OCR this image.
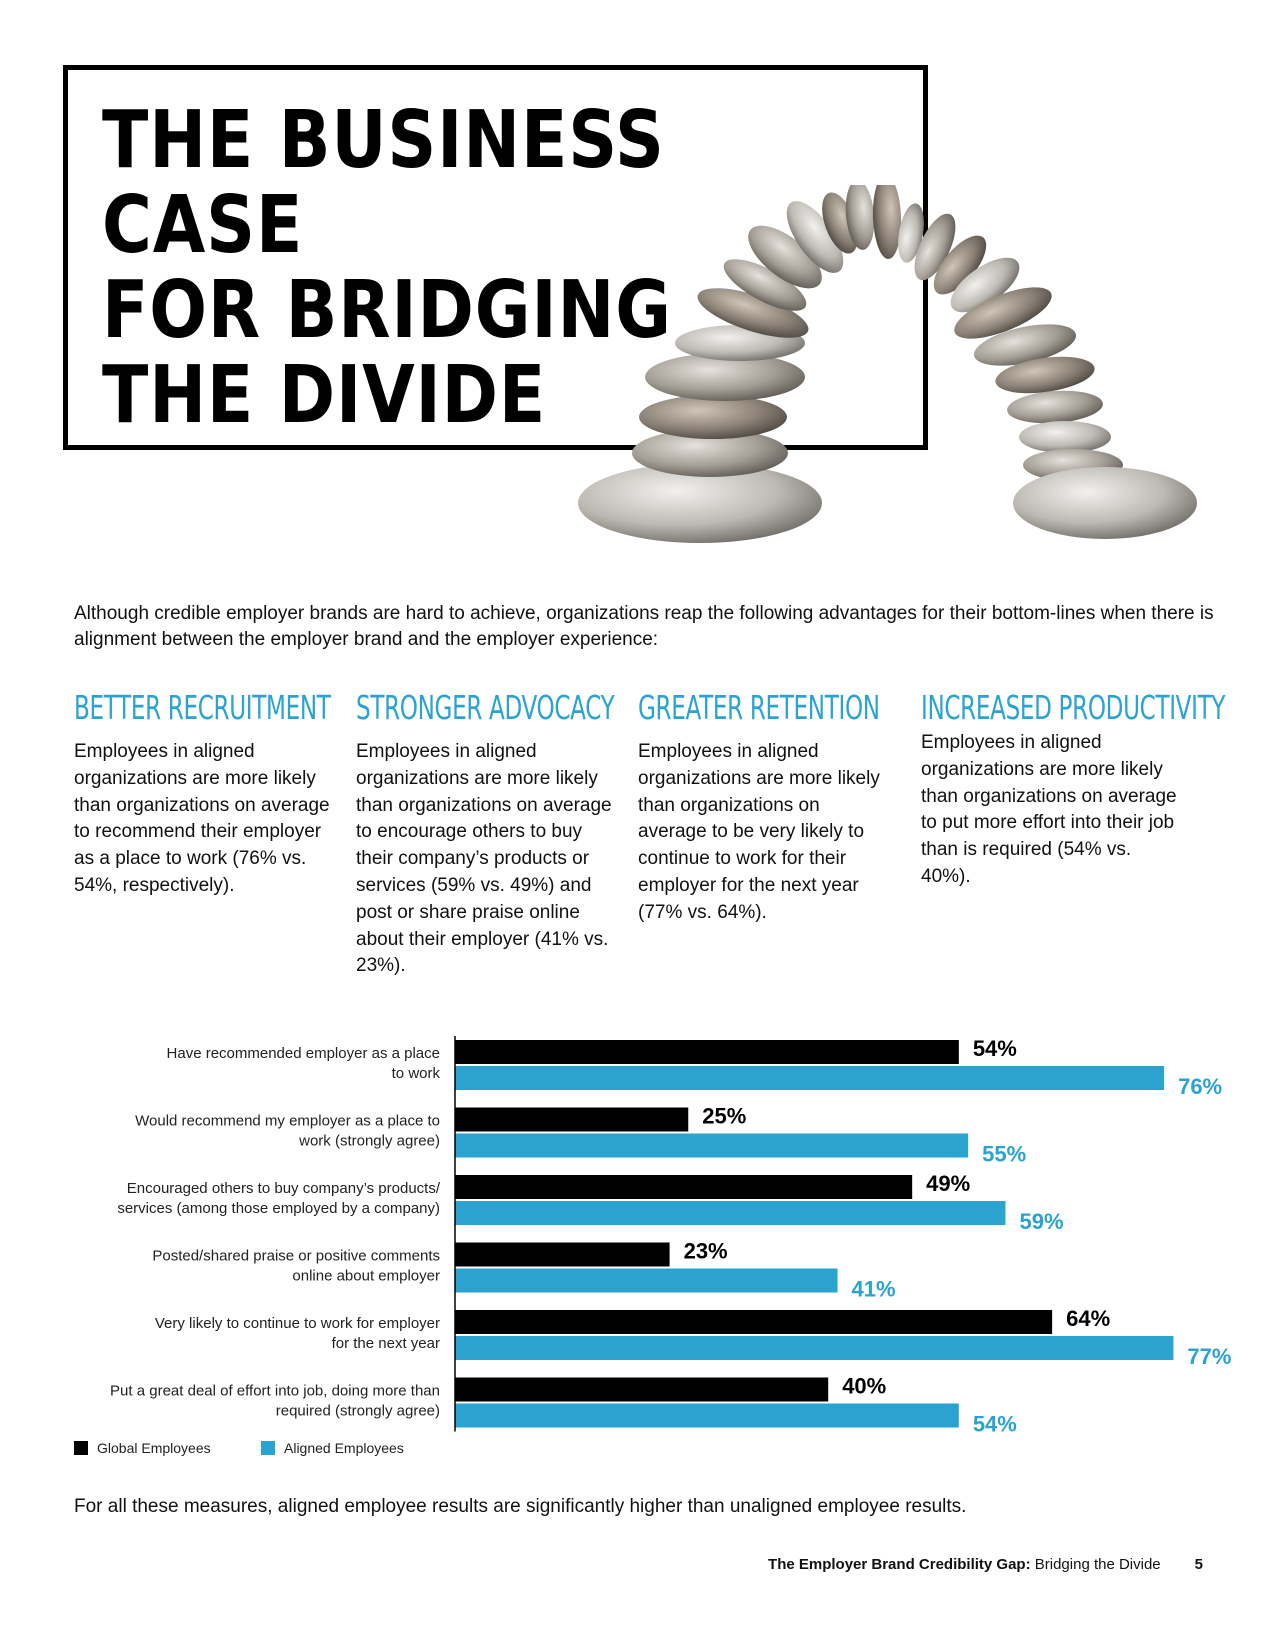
THE BUSINESS CASE
FOR BRIDGING
THE DIVIDE

Although credible employer brands are hard to achieve, organizations reap the following advantages for their bottom-lines when there is alignment between the employer brand and the employer experience:

BETTER RECRUITMENT

Employees in aligned organizations are more likely than organizations on average to recommend their employer as a place to work (76% vs. 54%, respectively).

STRONGER ADVOCACY

Employees in aligned organizations are more likely than organizations on average to encourage others to buy their company’s products or services (59% vs. 49%) and post or share praise online about their employer (41% vs. 23%).

GREATER RETENTION

Employees in aligned organizations are more likely than organizations on average to be very likely to continue to work for their employer for the next year (77% vs. 64%).

INCREASED PRODUCTIVITY

Employees in aligned organizations are more likely than organizations on average to put more effort into their job than is required (54% vs. 40%).

Have recommended employer as a place
to work
54%
76%
Would recommend my employer as a place to
work (strongly agree)
25%
55%
Encouraged others to buy company’s products/
services (among those employed by a company)
49%
59%
Posted/shared praise or positive comments
online about employer
23%
41%
Very likely to continue to work for employer
for the next year
64%
77%
Put a great deal of effort into job, doing more than
required (strongly agree)
40%
54%
Global Employees	Aligned Employees

For all these measures, aligned employee results are significantly higher than unaligned employee results.

The Employer Brand Credibility Gap: Bridging the Divide 5
